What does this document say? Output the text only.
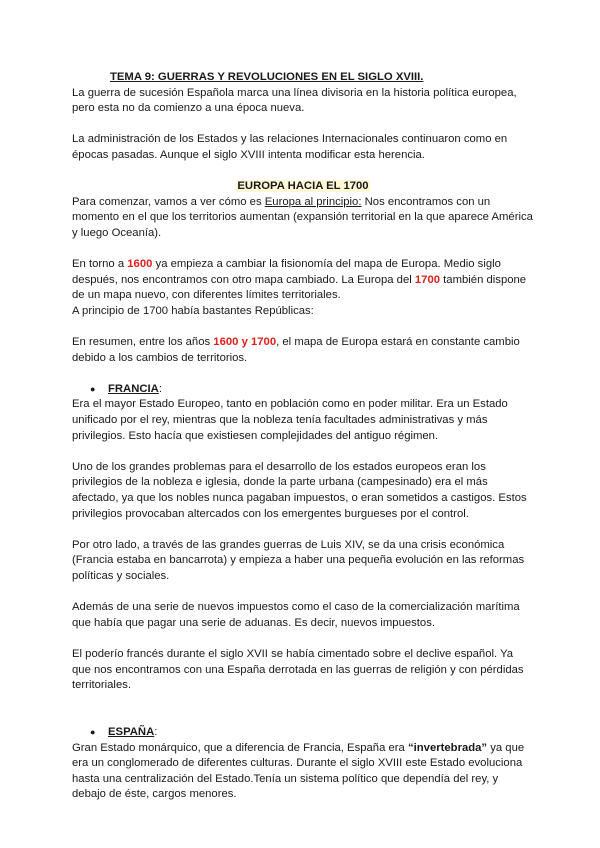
TEMA 9: GUERRAS Y REVOLUCIONES EN EL SIGLO XVIII.

La guerra de sucesión Española marca una línea divisoria en la historia política europea, pero esta no da comienzo a una época nueva.

La administración de los Estados y las relaciones Internacionales continuaron como en épocas pasadas. Aunque el siglo XVIII intenta modificar esta herencia.

EUROPA HACIA EL 1700

Para comenzar, vamos a ver cómo es Europa al principio: Nos encontramos con un momento en el que los territorios aumentan (expansión territorial en la que aparece América y luego Oceanía).

En torno a 1600 ya empieza a cambiar la fisionomía del mapa de Europa. Medio siglo después, nos encontramos con otro mapa cambiado. La Europa del 1700 también dispone de un mapa nuevo, con diferentes límites territoriales.

A principio de 1700 había bastantes Repúblicas:

En resumen, entre los años 1600 y 1700, el mapa de Europa estará en constante cambio debido a los cambios de territorios.

● FRANCIA:

Era el mayor Estado Europeo, tanto en población como en poder militar. Era un Estado unificado por el rey, mientras que la nobleza tenía facultades administrativas y más privilegios. Esto hacía que existiesen complejidades del antiguo régimen.

Uno de los grandes problemas para el desarrollo de los estados europeos eran los privilegios de la nobleza e iglesia, donde la parte urbana (campesinado) era el más afectado, ya que los nobles nunca pagaban impuestos, o eran sometidos a castigos. Estos privilegios provocaban altercados con los emergentes burgueses por el control.

Por otro lado, a través de las grandes guerras de Luis XIV, se da una crisis económica (Francia estaba en bancarrota) y empieza a haber una pequeña evolución en las reformas políticas y sociales.

Además de una serie de nuevos impuestos como el caso de la comercialización marítima que había que pagar una serie de aduanas. Es decir, nuevos impuestos.

El poderío francés durante el siglo XVII se había cimentado sobre el declive español. Ya que nos encontramos con una España derrotada en las guerras de religión y con pérdidas territoriales.

● ESPAÑA:

Gran Estado monárquico, que a diferencia de Francia, España era “invertebrada” ya que era un conglomerado de diferentes culturas. Durante el siglo XVIII este Estado evoluciona hasta una centralización del Estado.Tenía un sistema político que dependía del rey, y debajo de éste, cargos menores.
